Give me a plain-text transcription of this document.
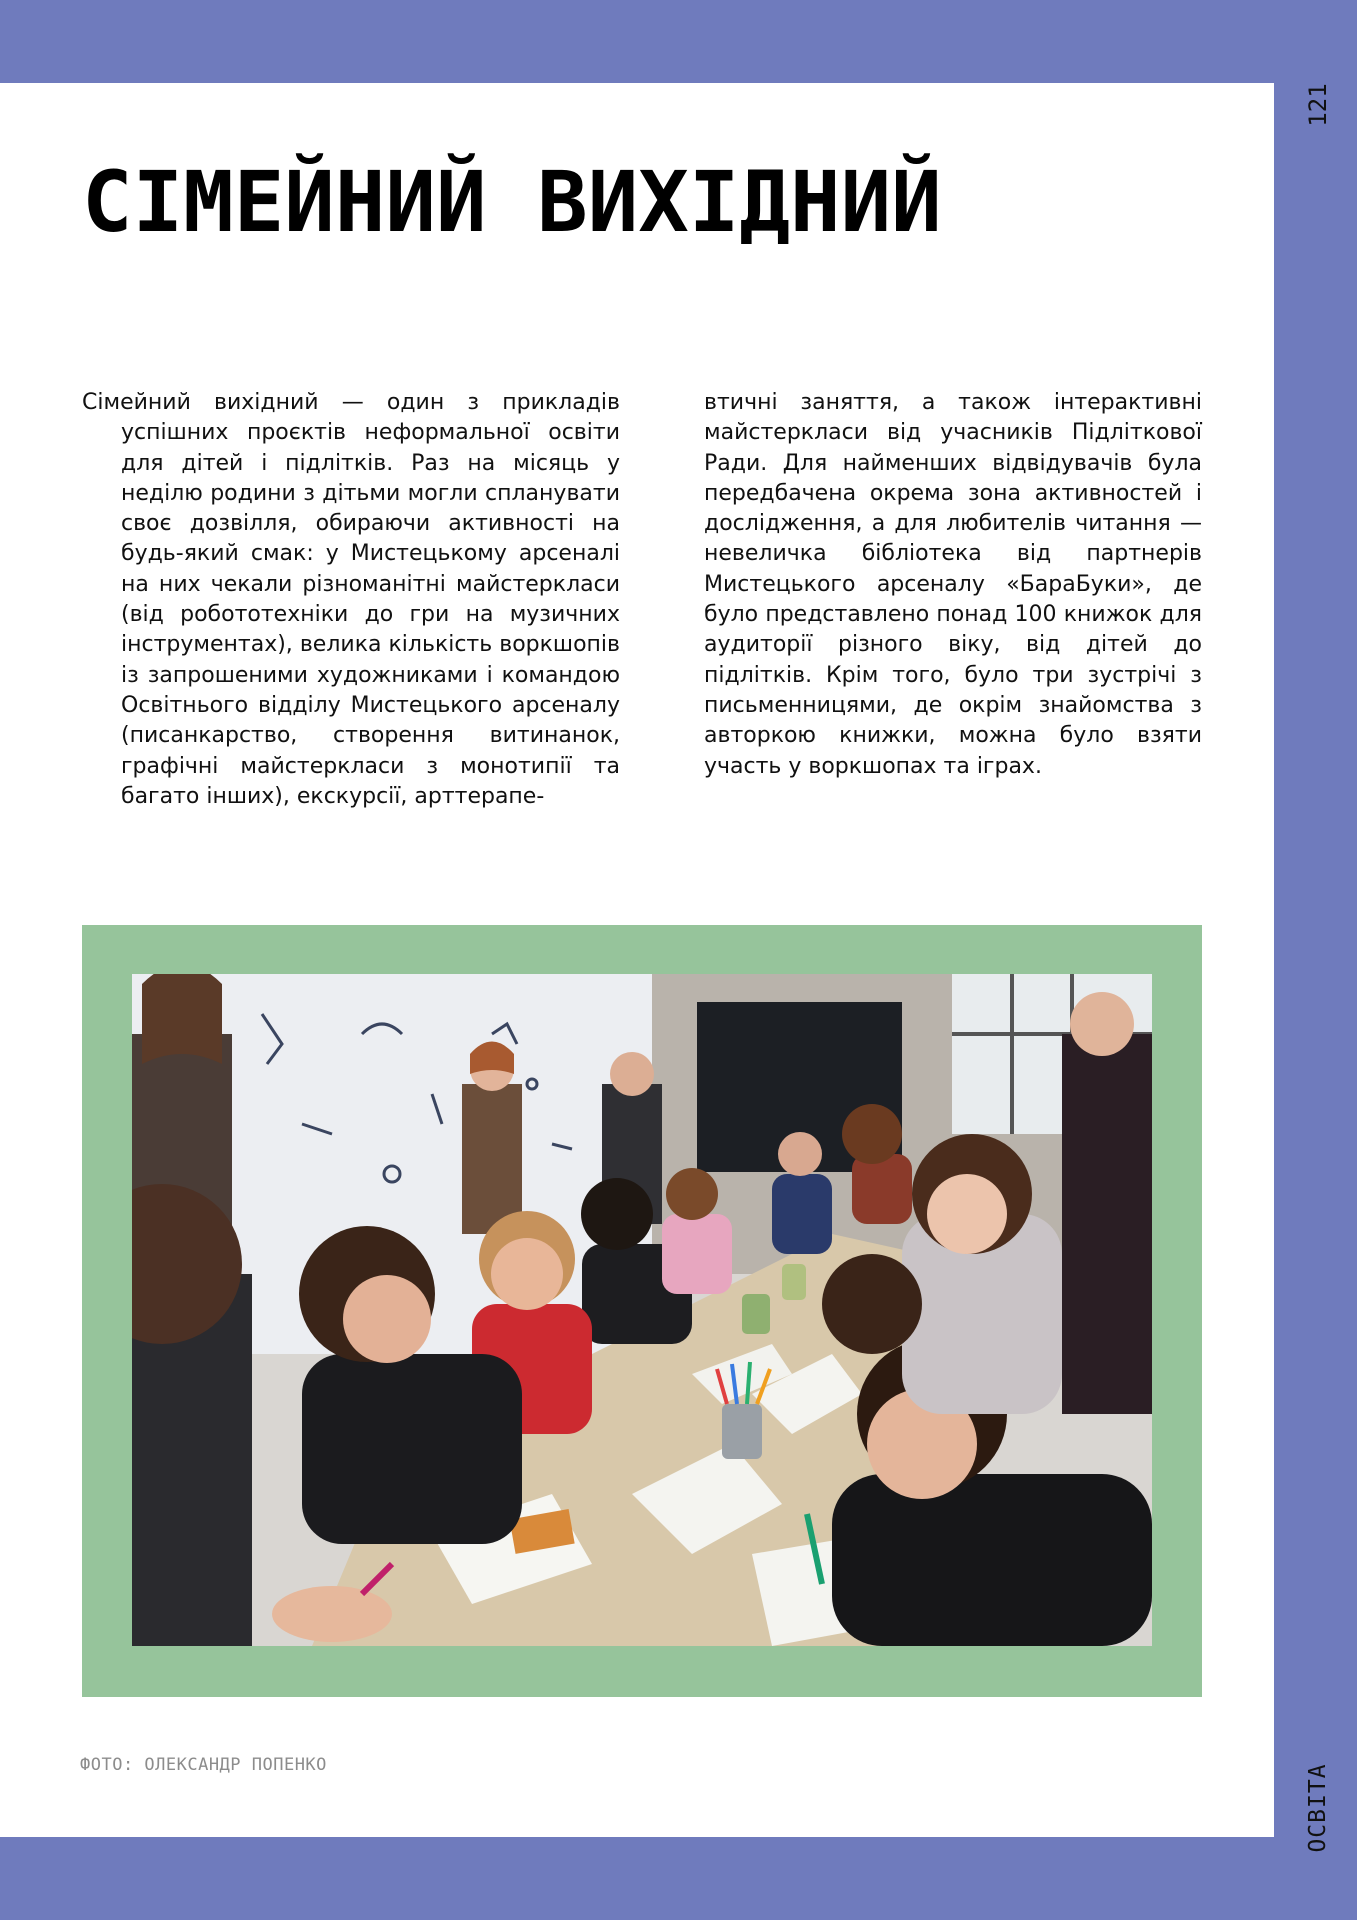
121
ОСВІТА
СІМЕЙНИЙ ВИХІДНИЙ

Сімейний вихідний — один з прикладів успішних проєктів неформальної освіти для дітей і підлітків. Раз на місяць у неділю родини з дітьми могли спланувати своє дозвілля, обираючи активності на будь-який смак: у Мистецькому арсеналі на них чекали різноманітні майстеркласи (від робототехніки до гри на музичних інструментах), велика кількість воркшопів із запрошеними художниками і командою Освітнього відділу Мистецького арсеналу (писанкарство, створення витинанок, графічні майстеркласи з монотипії та багато інших), екскурсії, арттерапе-

втичні заняття, а також інтерактивні майстеркласи від учасників Підліткової Ради. Для найменших відвідувачів була передбачена окрема зона активностей і дослідження, а для любителів читання — невеличка бібліотека від партнерів Мистецького арсеналу «БараБуки», де було представлено понад 100 книжок для аудиторії різного віку, від дітей до підлітків. Крім того, було три зустрічі з письменницями, де окрім знайомства з авторкою книжки, можна було взяти участь у воркшопах та іграх.

ФОТО: ОЛЕКСАНДР ПОПЕНКО
